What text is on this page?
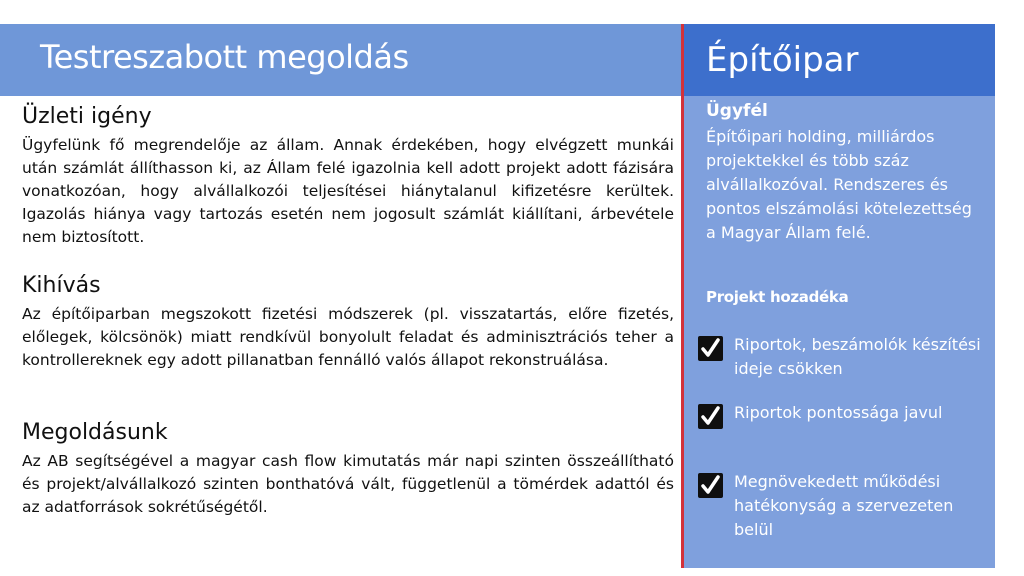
Testreszabott megoldás	Építőipar
Ügyfél
Építőipari holding, milliárdos projektekkel és több száz alvállalkozóval. Rendszeres és pontos elszámolási kötelezettség a Magyar Állam felé.
Projekt hozadéka
Riportok, beszámolók készítési ideje csökken
Riportok pontossága javul
Megnövekedett működési hatékonyság a szervezeten belül
Üzleti igény
Ügyfelünk fő megrendelője az állam. Annak érdekében, hogy elvégzett munkái után számlát állíthasson ki, az Állam felé igazolnia kell adott projekt adott fázisára vonatkozóan, hogy alvállalkozói teljesítései hiánytalanul kifizetésre kerültek. Igazolás hiánya vagy tartozás esetén nem jogosult számlát kiállítani, árbevétele nem biztosított.
Kihívás
Az építőiparban megszokott fizetési módszerek (pl. visszatartás, előre fizetés, előlegek, kölcsönök) miatt rendkívül bonyolult feladat és adminisztrációs teher a kontrollereknek egy adott pillanatban fennálló valós állapot rekonstruálása.
Megoldásunk
Az AB segítségével a magyar cash flow kimutatás már napi szinten összeállítható és projekt/alvállalkozó szinten bonthatóvá vált, függetlenül a tömérdek adattól és az adatforrások sokrétűségétől.
